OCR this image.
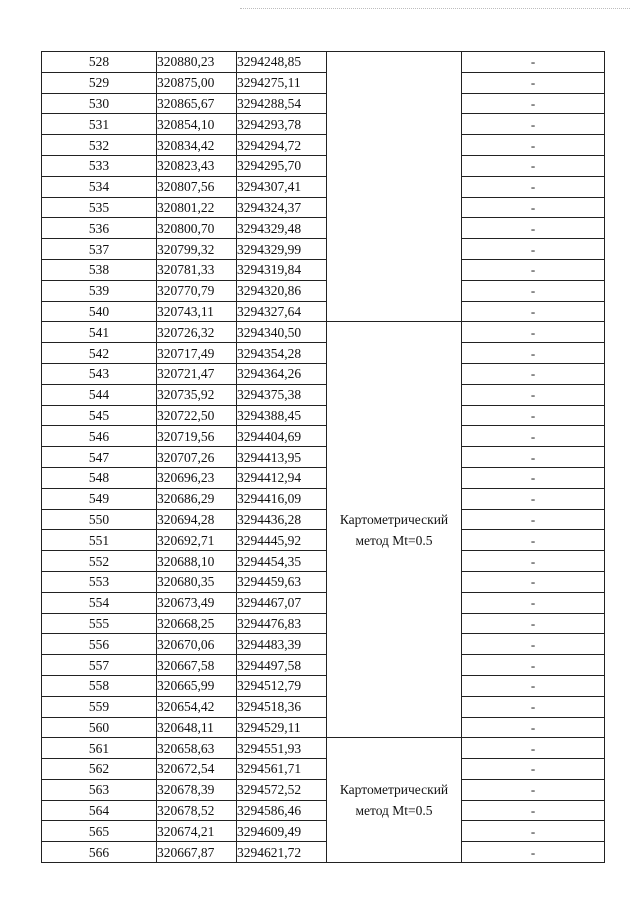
528	320880,23	3294248,85		-
529	320875,00	3294275,11		-
530	320865,67	3294288,54		-
531	320854,10	3294293,78		-
532	320834,42	3294294,72		-
533	320823,43	3294295,70		-
534	320807,56	3294307,41		-
535	320801,22	3294324,37		-
536	320800,70	3294329,48		-
537	320799,32	3294329,99		-
538	320781,33	3294319,84		-
539	320770,79	3294320,86		-
540	320743,11	3294327,64		-
541	320726,32	3294340,50	Картометрический
метод Mt=0.5	-
542	320717,49	3294354,28		-
543	320721,47	3294364,26		-
544	320735,92	3294375,38		-
545	320722,50	3294388,45		-
546	320719,56	3294404,69		-
547	320707,26	3294413,95		-
548	320696,23	3294412,94		-
549	320686,29	3294416,09		-
550	320694,28	3294436,28		-
551	320692,71	3294445,92		-
552	320688,10	3294454,35		-
553	320680,35	3294459,63		-
554	320673,49	3294467,07		-
555	320668,25	3294476,83		-
556	320670,06	3294483,39		-
557	320667,58	3294497,58		-
558	320665,99	3294512,79		-
559	320654,42	3294518,36		-
560	320648,11	3294529,11		-
561	320658,63	3294551,93	Картометрический
метод Mt=0.5	-
562	320672,54	3294561,71		-
563	320678,39	3294572,52		-
564	320678,52	3294586,46		-
565	320674,21	3294609,49		-
566	320667,87	3294621,72		-
